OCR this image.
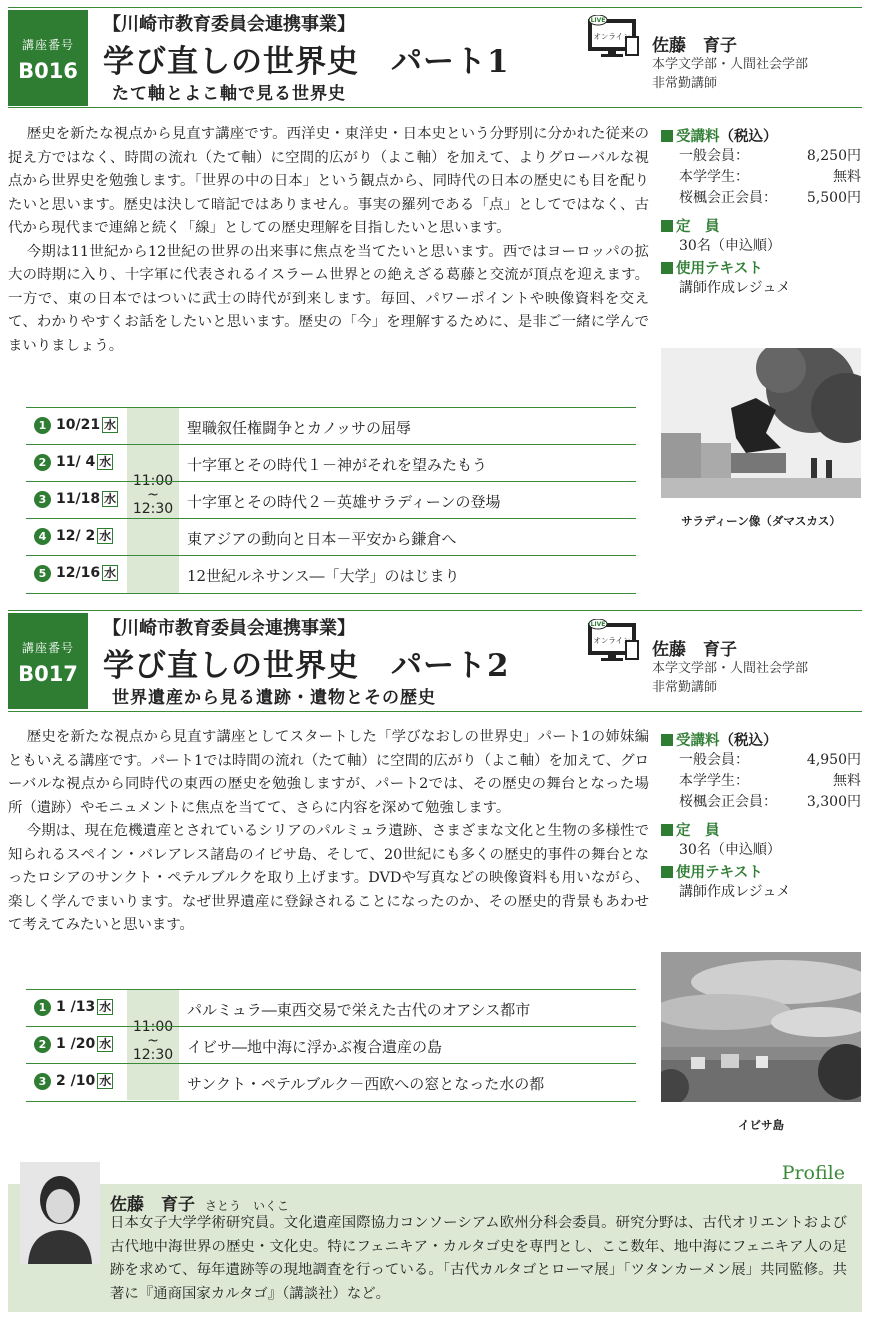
講座番号
B016
【川崎市教育委員会連携事業】
学び直しの世界史　パート1
たて軸とよこ軸で見る世界史
LIVE
オンライン 佐藤　育子
本学文学部・人間社会学部
非常勤講師

歴史を新たな視点から見直す講座です。西洋史・東洋史・日本史という分野別に分かれた従来の捉え方ではなく、時間の流れ（たて軸）に空間的広がり（よこ軸）を加えて、よりグローバルな視点から世界史を勉強します。「世界の中の日本」という観点から、同時代の日本の歴史にも目を配りたいと思います。歴史は決して暗記ではありません。事実の羅列である「点」としてではなく、古代から現代まで連綿と続く「線」としての歴史理解を目指したいと思います。

今期は11世紀から12世紀の世界の出来事に焦点を当てたいと思います。西ではヨーロッパの拡大の時期に入り、十字軍に代表されるイスラーム世界との絶えざる葛藤と交流が頂点を迎えます。一方で、東の日本ではついに武士の時代が到来します。毎回、パワーポイントや映像資料を交えて、わかりやすくお話をしたいと思います。歴史の「今」を理解するために、是非ご一緒に学んでまいりましょう。

受講料（税込）
一般会員：	8,250円
本学学生：	無料
桜楓会正会員： 5,500円
定　員
30名（申込順）
使用テキスト
講師作成レジュメ
サラディーン像（ダマスカス）
11:00
~
12:30
1 10/21 水	聖職叙任権闘争とカノッサの屈辱
2 11/ 4 水	十字軍とその時代１－神がそれを望みたもう
3 11/18 水	十字軍とその時代２－英雄サラディーンの登場
4 12/ 2 水	東アジアの動向と日本－平安から鎌倉へ
5 12/16 水	12世紀ルネサンス―「大学」のはじまり
講座番号
B017
【川崎市教育委員会連携事業】
学び直しの世界史　パート2
世界遺産から見る遺跡・遺物とその歴史
LIVE
オンライン 佐藤　育子
本学文学部・人間社会学部
非常勤講師

歴史を新たな視点から見直す講座としてスタートした「学びなおしの世界史」パート1の姉妹編ともいえる講座です。パート1では時間の流れ（たて軸）に空間的広がり（よこ軸）を加えて、グローバルな視点から同時代の東西の歴史を勉強しますが、パート2では、その歴史の舞台となった場所（遺跡）やモニュメントに焦点を当てて、さらに内容を深めて勉強します。

今期は、現在危機遺産とされているシリアのパルミュラ遺跡、さまざまな文化と生物の多様性で知られるスペイン・バレアレス諸島のイビサ島、そして、20世紀にも多くの歴史的事件の舞台となったロシアのサンクト・ペテルブルクを取り上げます。DVDや写真などの映像資料も用いながら、楽しく学んでまいります。なぜ世界遺産に登録されることになったのか、その歴史的背景もあわせて考えてみたいと思います。

受講料（税込）
一般会員：	4,950円
本学学生：	無料
桜楓会正会員： 3,300円
定　員
30名（申込順）
使用テキスト
講師作成レジュメ
イビサ島
11:00
~
12:30
1 1 /13 水	パルミュラ―東西交易で栄えた古代のオアシス都市
2 1 /20 水	イビサ―地中海に浮かぶ複合遺産の島
3 2 /10 水	サンクト・ペテルブルク－西欧への窓となった水の都
Profile
佐藤　育子 さとう　いくこ
日本女子大学学術研究員。文化遺産国際協力コンソーシアム欧州分科会委員。研究分野は、古代オリエントおよび古代地中海世界の歴史・文化史。特にフェニキア・カルタゴ史を専門とし、ここ数年、地中海にフェニキア人の足跡を求めて、毎年遺跡等の現地調査を行っている。「古代カルタゴとローマ展」「ツタンカーメン展」共同監修。共著に『通商国家カルタゴ』（講談社）など。
